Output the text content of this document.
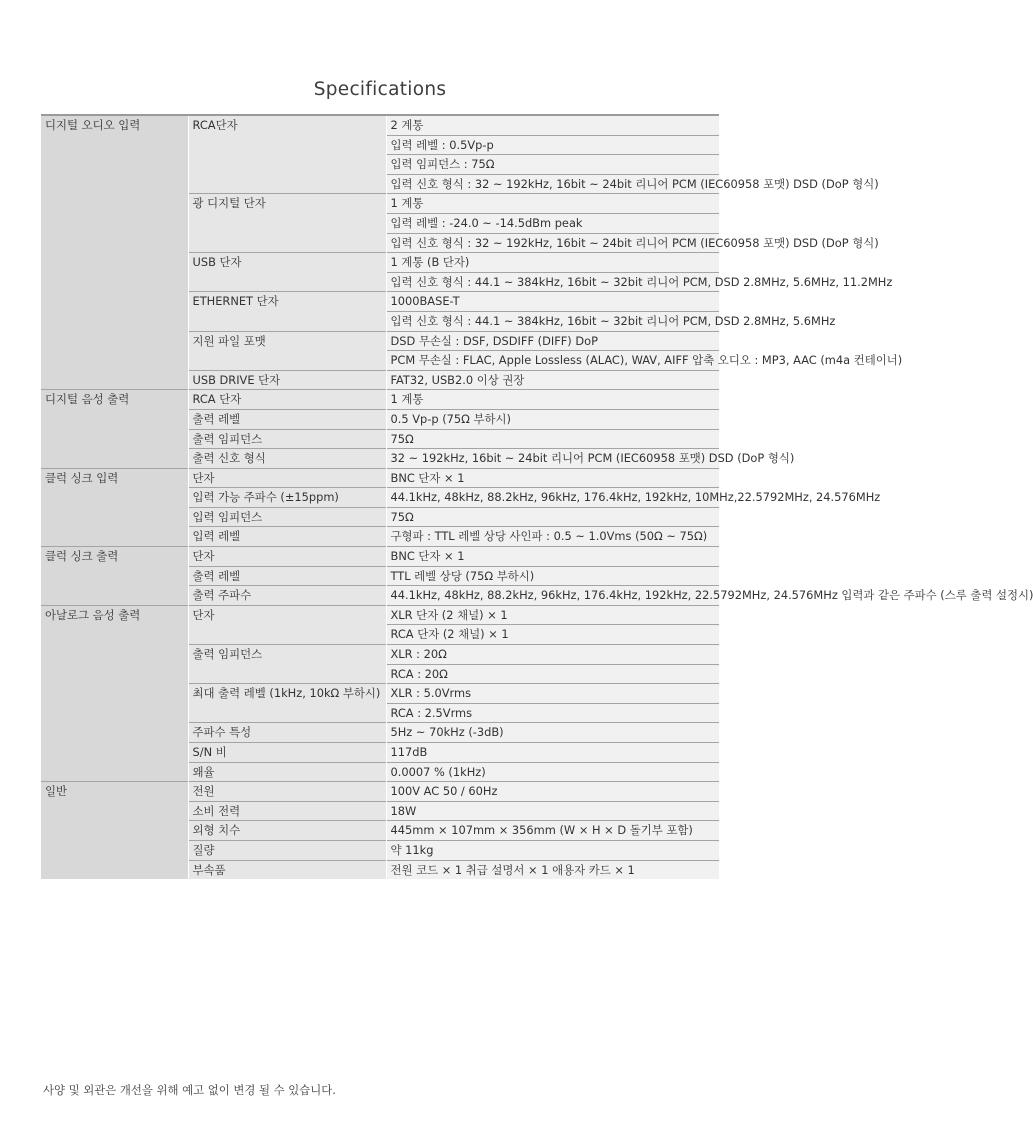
Specifications
디지털 오디오 입력	RCA단자	2 계통
		입력 레벨 : 0.5Vp-p
		입력 임피던스 : 75Ω
		입력 신호 형식 : 32 ~ 192kHz, 16bit ~ 24bit 리니어 PCM (IEC60958 포맷) DSD (DoP 형식)
	광 디지털 단자	1 계통
		입력 레벨 : -24.0 ~ -14.5dBm peak
		입력 신호 형식 : 32 ~ 192kHz, 16bit ~ 24bit 리니어 PCM (IEC60958 포맷) DSD (DoP 형식)
	USB 단자	1 계통 (B 단자)
		입력 신호 형식 : 44.1 ~ 384kHz, 16bit ~ 32bit 리니어 PCM, DSD 2.8MHz, 5.6MHz, 11.2MHz
	ETHERNET 단자	1000BASE-T
		입력 신호 형식 : 44.1 ~ 384kHz, 16bit ~ 32bit 리니어 PCM, DSD 2.8MHz, 5.6MHz
	지원 파일 포맷	DSD 무손실 : DSF, DSDIFF (DIFF) DoP
		PCM 무손실 : FLAC, Apple Lossless (ALAC), WAV, AIFF 압축 오디오 : MP3, AAC (m4a 컨테이너)
	USB DRIVE 단자	FAT32, USB2.0 이상 권장
디지털 음성 출력	RCA 단자	1 계통
	출력 레벨	0.5 Vp-p (75Ω 부하시)
	출력 임피던스	75Ω
	출력 신호 형식	32 ~ 192kHz, 16bit ~ 24bit 리니어 PCM (IEC60958 포맷) DSD (DoP 형식)
클럭 싱크 입력	단자	BNC 단자 × 1
	입력 가능 주파수 (±15ppm)	44.1kHz, 48kHz, 88.2kHz, 96kHz, 176.4kHz, 192kHz, 10MHz,22.5792MHz, 24.576MHz
	입력 임피던스	75Ω
	입력 레벨	구형파 : TTL 레벨 상당 사인파 : 0.5 ~ 1.0Vms (50Ω ~ 75Ω)
클럭 싱크 출력	단자	BNC 단자 × 1
	출력 레벨	TTL 레벨 상당 (75Ω 부하시)
	출력 주파수	44.1kHz, 48kHz, 88.2kHz, 96kHz, 176.4kHz, 192kHz, 22.5792MHz, 24.576MHz 입력과 같은 주파수 (스루 출력 설정시)
아날로그 음성 출력	단자	XLR 단자 (2 채널) × 1
		RCA 단자 (2 채널) × 1
	출력 임피던스	XLR : 20Ω
		RCA : 20Ω
	최대 출력 레벨 (1kHz, 10kΩ 부하시)	XLR : 5.0Vrms
		RCA : 2.5Vrms
	주파수 특성	5Hz ~ 70kHz (-3dB)
	S/N 비	117dB
	왜율	0.0007 % (1kHz)
일반	전원	100V AC 50 / 60Hz
	소비 전력	18W
	외형 치수	445mm × 107mm × 356mm (W × H × D 돌기부 포함)
	질량	약 11kg
	부속품	전원 코드 × 1 취급 설명서 × 1 애용자 카드 × 1
사양 및 외관은 개선을 위해 예고 없이 변경 될 수 있습니다.
